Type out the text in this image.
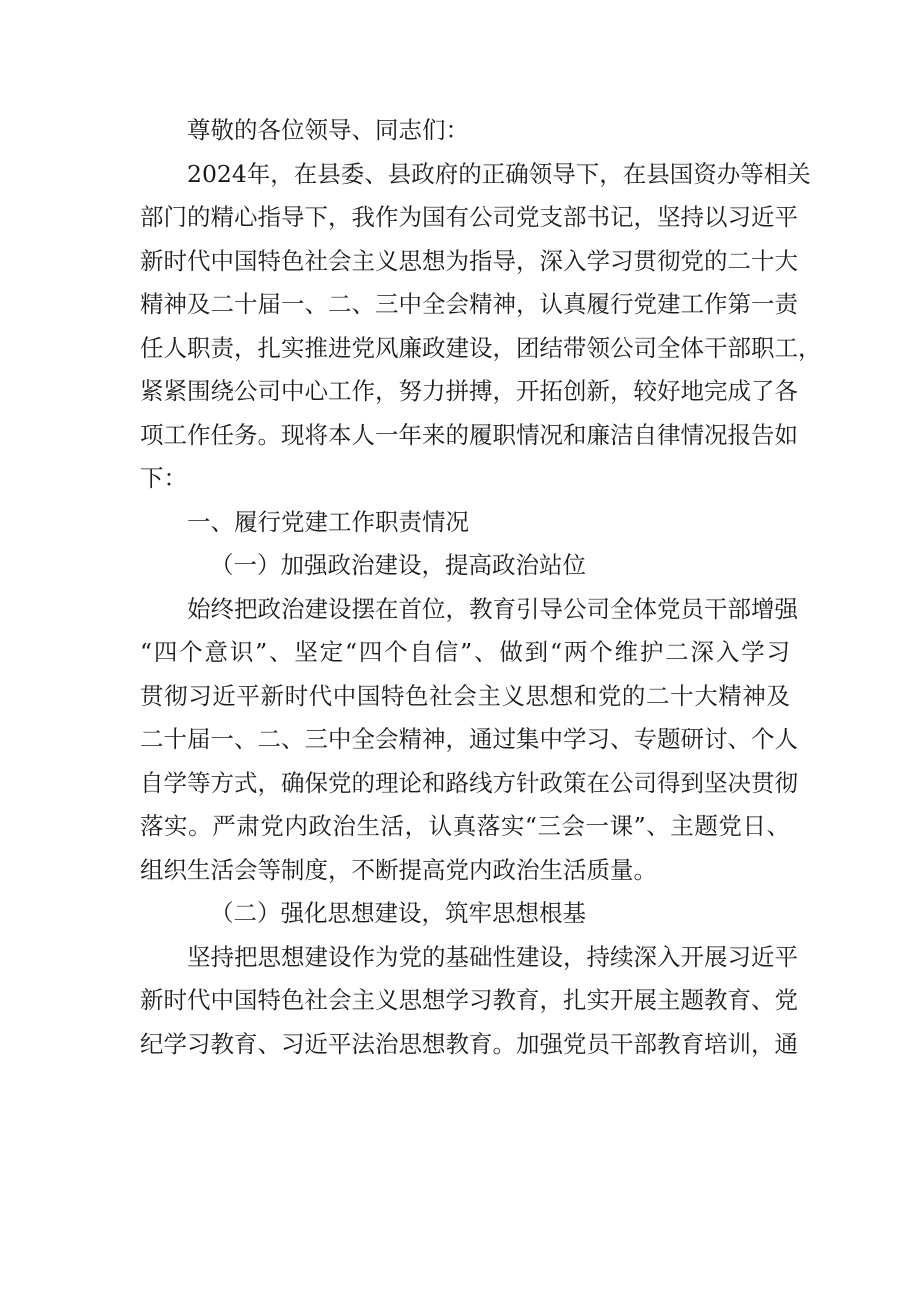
尊敬的各位领导、同志们：
2024年，在县委、县政府的正确领导下，在县国资办等相关
部门的精心指导下，我作为国有公司党支部书记，坚持以习近平
新时代中国特色社会主义思想为指导，深入学习贯彻党的二十大
精神及二十届一、二、三中全会精神，认真履行党建工作第一责
任人职责，扎实推进党风廉政建设，团结带领公司全体干部职工，
紧紧围绕公司中心工作，努力拼搏，开拓创新，较好地完成了各
项工作任务。现将本人一年来的履职情况和廉洁自律情况报告如
下：
一、履行党建工作职责情况
（一）加强政治建设，提高政治站位
始终把政治建设摆在首位，教育引导公司全体党员干部增强
“四个意识”、坚定“四个自信”、做到“两个维护二深入学习
贯彻习近平新时代中国特色社会主义思想和党的二十大精神及
二十届一、二、三中全会精神，通过集中学习、专题研讨、个人
自学等方式，确保党的理论和路线方针政策在公司得到坚决贯彻
落实。严肃党内政治生活，认真落实“三会一课”、主题党日、
组织生活会等制度，不断提高党内政治生活质量。
（二）强化思想建设，筑牢思想根基
坚持把思想建设作为党的基础性建设，持续深入开展习近平
新时代中国特色社会主义思想学习教育，扎实开展主题教育、党
纪学习教育、习近平法治思想教育。加强党员干部教育培训，通
